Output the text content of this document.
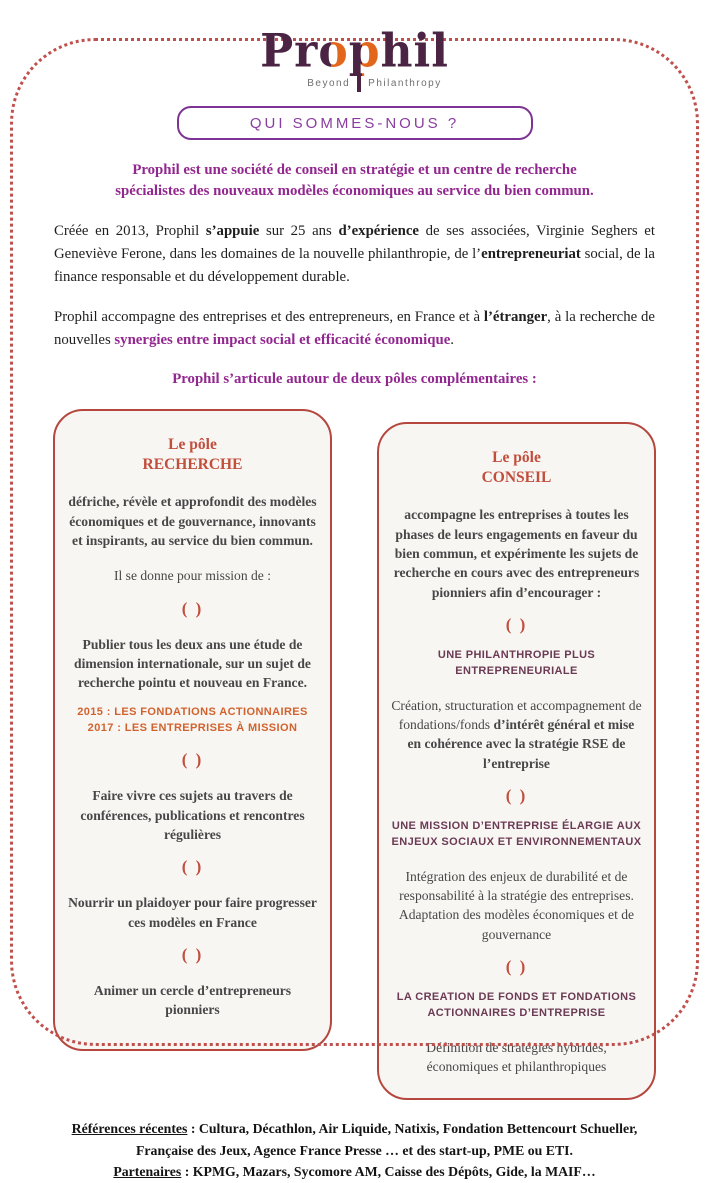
Prophil
Beyond Philanthropy
QUI SOMMES-NOUS ?
Prophil est une société de conseil en stratégie et un centre de recherche
spécialistes des nouveaux modèles économiques au service du bien commun.

Créée en 2013, Prophil s’appuie sur 25 ans d’expérience de ses associées, Virginie Seghers et Geneviève Ferone, dans les domaines de la nouvelle philanthropie, de l’entrepreneuriat social, de la finance responsable et du développement durable.

Prophil accompagne des entreprises et des entrepreneurs, en France et à l’étranger, à la recherche de nouvelles synergies entre impact social et efficacité économique.

Prophil s’articule autour de deux pôles complémentaires :
Le pôle
RECHERCHE
défriche, révèle et approfondit des modèles économiques et de gouvernance, innovants et inspirants, au service du bien commun.
Il se donne pour mission de :
( )
Publier tous les deux ans une étude de dimension internationale, sur un sujet de recherche pointu et nouveau en France.
2015 : LES FONDATIONS ACTIONNAIRES
2017 : LES ENTREPRISES À MISSION
( )
Faire vivre ces sujets au travers de conférences, publications et rencontres régulières
( )
Nourrir un plaidoyer pour faire progresser ces modèles en France
( )
Animer un cercle d’entrepreneurs pionniers
Le pôle
CONSEIL
accompagne les entreprises à toutes les phases de leurs engagements en faveur du bien commun, et expérimente les sujets de recherche en cours avec des entrepreneurs pionniers afin d’encourager :
( )
UNE PHILANTHROPIE PLUS ENTREPRENEURIALE
Création, structuration et accompagnement de fondations/fonds d’intérêt général et mise en cohérence avec la stratégie RSE de l’entreprise
( )
UNE MISSION D’ENTREPRISE ÉLARGIE AUX ENJEUX SOCIAUX ET ENVIRONNEMENTAUX
Intégration des enjeux de durabilité et de responsabilité à la stratégie des entreprises. Adaptation des modèles économiques et de gouvernance
( )
LA CREATION DE FONDS ET FONDATIONS ACTIONNAIRES D’ENTREPRISE
Définition de stratégies hybrides, économiques et philanthropiques
Références récentes : Cultura, Décathlon, Air Liquide, Natixis, Fondation Bettencourt Schueller, Française des Jeux, Agence France Presse … et des start-up, PME ou ETI.
Partenaires : KPMG, Mazars, Sycomore AM, Caisse des Dépôts, Gide, la MAIF…
